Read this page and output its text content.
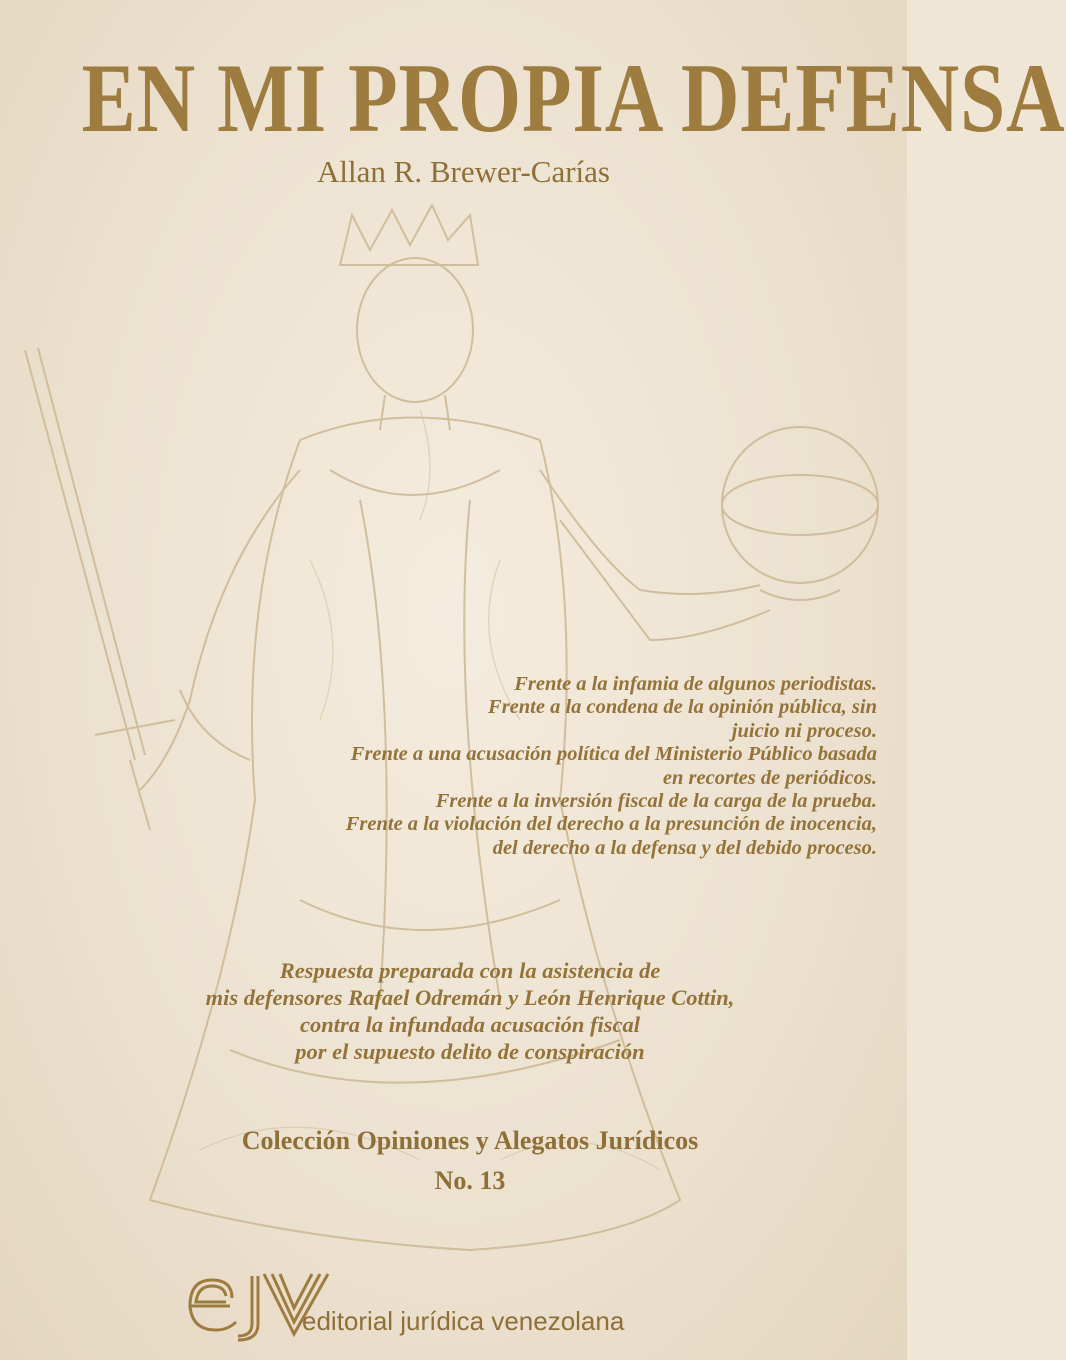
EN MI PROPIA DEFENSA
Allan R. Brewer-Carías
Frente a la infamia de algunos periodistas.
Frente a la condena de la opinión pública, sin
juicio ni proceso.
Frente a una acusación política del Ministerio Público basada
en recortes de periódicos.
Frente a la inversión fiscal de la carga de la prueba.
Frente a la violación del derecho a la presunción de inocencia,
del derecho a la defensa y del debido proceso.
Respuesta preparada con la asistencia de
mis defensores Rafael Odremán y León Henrique Cottin,
contra la infundada acusación fiscal
por el supuesto delito de conspiración
Colección Opiniones y Alegatos Jurídicos
No. 13
editorial jurídica venezolana
